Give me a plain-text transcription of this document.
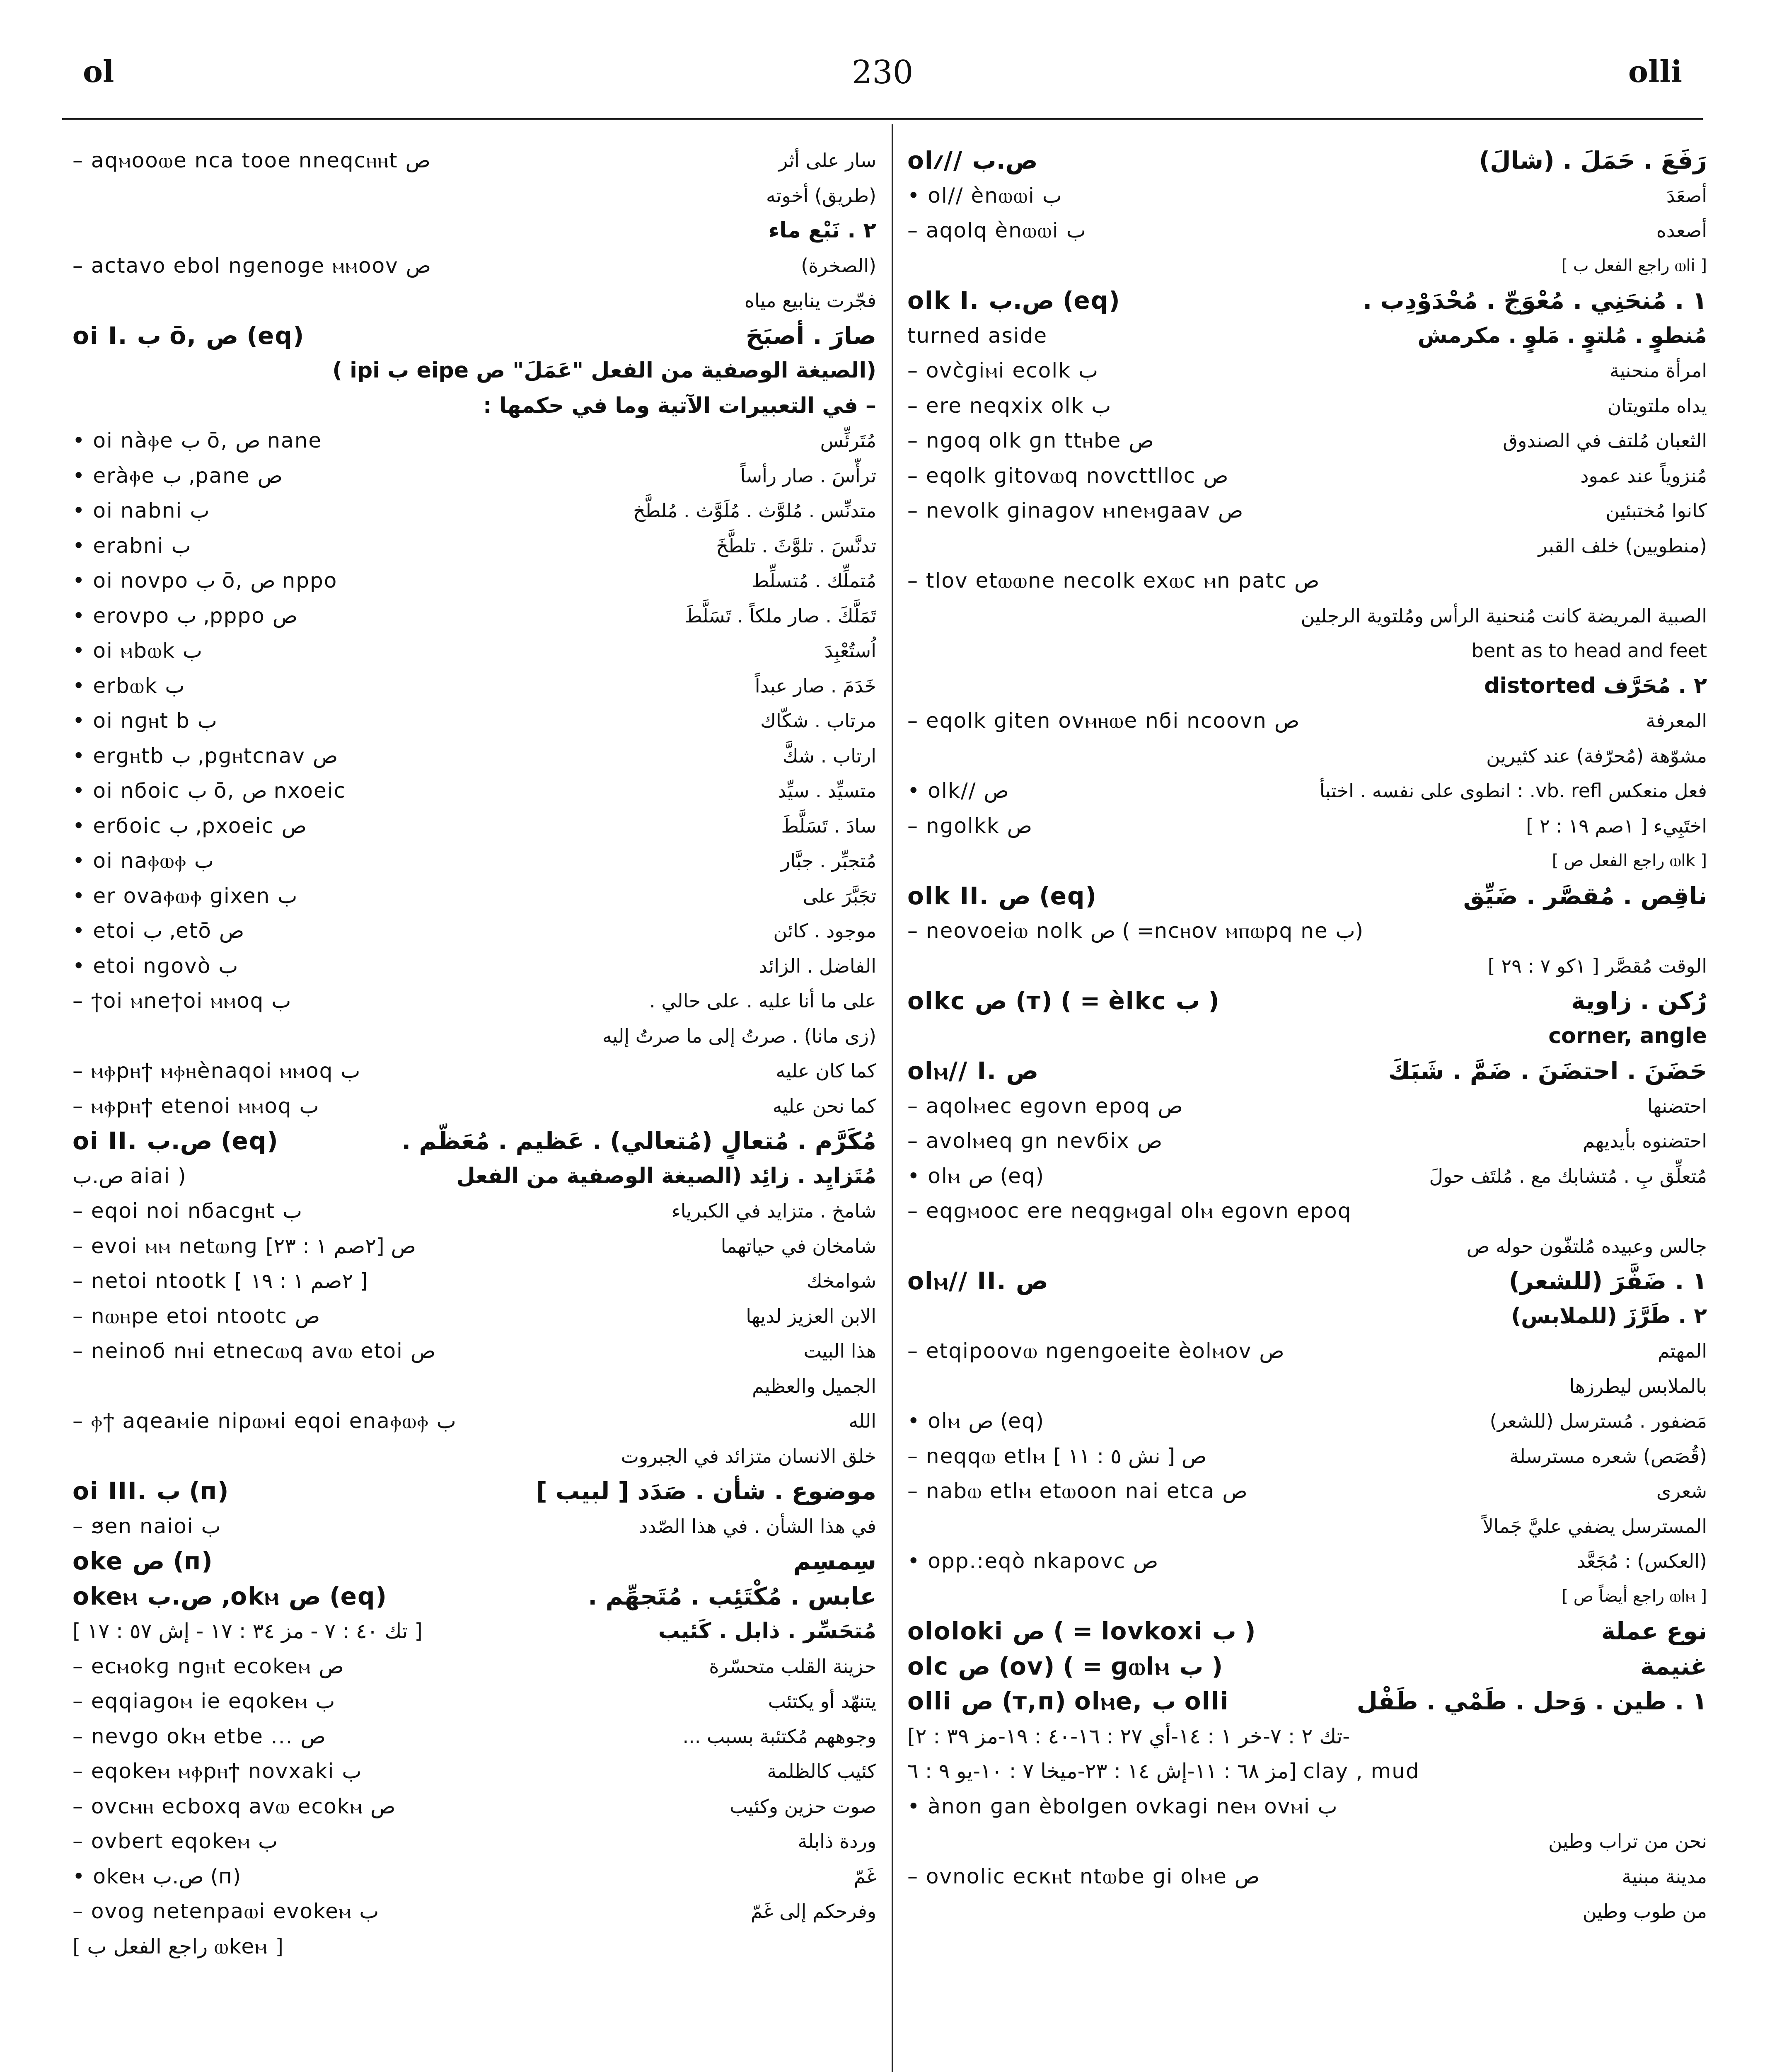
ol	230	olli
olⳇ// ص.ب	رَفَعَ . حَمَلَ . (شالَ)
• ol// ènⲱⲱi ب	أصعَدَ
– aqolq ènⲱⲱi ب	أصعده
[ راجع الفعل ب ⲱli ]
olk I. ص.ب (eq)	١ . مُنحَنِي . مُعْوَجّ . مُحْدَوْدِب .
turned aside	مُنطوٍ . مُلتوٍ . مَلوٍ . مكرمش
– ovc̀ɡiⲙi ecolk ب	امرأة منحنية
– ere neqxix olk ب	يداه ملتويتان
– nɡoq olk ɡn ttⲏbe ص	الثعبان مُلتف في الصندوق
– eqolk ɡitovⲱq novcttllос ص	مُنزوياً عند عمود
– nevolk ɡinaɡov ⲙneⲙɡaav ص	كانوا مُختبئين
(منطويين) خلف القبر
– tlov etⲱⲱne necolk exⲱc ⲙn patc ص
الصبية المريضة كانت مُنحنية الرأس ومُلتوية الرجلين
bent as to head and feet
٢ . مُحَرَّف distorted
– eqolk ɡiten ovⲙⲏⲱe nϭi ncoovn ص	المعرفة
مشوّهة (مُحرّفة) عند كثيرين
• olk// ص	فعل منعكس vb. refl. : انطوى على نفسه . اختبأ
– nɡolkk ص	اختَبِيء [ ١صم ١٩ : ٢ ]
[ راجع الفعل ص ⲱlk ]
olk II. ص (eq)	ناقِص . مُقصَّر . ضَيِّق
– neovoeiⲱ nolk ص ( =ncⲏov ⲙⲡⲱpq ne ب)
الوقت مُقصَّر [ ١كو ٧ : ٢٩ ]
olkc ص (т) ( = èlkc ب )	رُكن . زاوية
corner, angle
olⲙ// I. ص	حَضَنَ . احتضَنَ . ضَمَّ . شَبَكَ
– aqolⲙec eɡovn epoq ص	احتضنها
– avolⲙeq ɡn nevϭix ص	احتضنوه بأيديهم
• olⲙ ص (eq)	مُتعلِّق بِ . مُتشابك مع . مُلتَف حولَ
– eqɡⲙooc ere neqɡⲙɡal olⲙ eɡovn epoq
جالس وعبيده مُلتفّون حوله ص
olⲙ// II. ص	١ . ضَفَّرَ (للشعر)
٢ . طَرَّزَ (للملابس)
– etqipoovⲱ nɡenɡoeite èolⲙov ص	المهتم
بالملابس ليطرزها
• olⲙ ص (eq)	مَضفور . مُسترسل (للشعر)
– neqqⲱ etlⲙ ص [ نش ٥ : ١١ ]	(قُصَص) شعره مسترسلة
– nabⲱ etlⲙ etⲱoon nai etca ص	شعرى
المسترسل يضفي عليَّ جَمالاً
• opp.:eqò nkapovc ص	(العكس) : مُجَعَّد
[ راجع أيضاً ص ⲱlⲙ ]
ololoki ص ( = lovkoxi ب )	نوع عملة
olc ص (ov) ( = ɡⲱlⲙ ب )	غنيمة
olli ص (т,п) olⲙe, ب olli	١ . طين . وَحل . طَمْي . طَفْل
[تك ٢ : ٧-خر ١ : ١٤-أي ٢٧ : ١٦-٤٠ : ١٩-مز ٣٩ : ٢-
مز ٦٨ : ١١-إش ١٤ : ٢٣-ميخا ٧ : ١٠-يو ٩ : ٦] clay , mud
• ànon ɡan èbolɡen ovkaɡi neⲙ ovⲙi ب
نحن من تراب وطين
– ovnolic ecкⲏt ntⲱbe ɡi olⲙe ص	مدينة مبنية
من طوب وطين
– aqⲙooⲱe nca tooe nneqcⲏⲏt ص	سار على أثر
(طريق) أخوته
٢ . نَبْع ماء
– actavo ebol nɡenoɡe ⲙⲙoov ص	(الصخرة)
فجّرت ينابيع مياه
oi I. ب ō, ص (eq)	صارَ . أصبَحَ
(الصيغة الوصفية من الفعل "عَمَلَ" ص eipe ب ipi )
– في التعبيرات الآتية وما في حكمها :
• oi nàⲫe ب ō, ص nane	مُتَرئِّس
• eràⲫe ب ,pane ص	ترأّسَ . صار رأساً
• oi nabni ب	متدنِّس . مُلوَّث . مُلَوَّث . مُلطَّخ
• erabni ب	تدنَّسَ . تلوَّثَ . تلطَّخَ
• oi novpo ب ō, ص nppo	مُتملِّك . مُتسلِّط
• erovpo ب ,pppo ص	تَمَلَّكَ . صار ملكاً . تَسَلَّطَ
• oi ⲙbⲱk ب	اُستُعْبِدَ
• erbⲱk ب	خَدَمَ . صار عبداً
• oi nɡⲏt b ب	مرتاب . شكّاك
• erɡⲏtb ب ,pɡⲏtcnav ص	ارتاب . شكَّ
• oi nϭoic ب ō, ص nxoeic	متسيِّد . سيِّد
• erϭoic ب ,pxoeic ص	سادَ . تَسَلَّطَ
• oi naⲫⲱⲫ ب	مُتجبِّر . جبَّار
• er ovaⲫⲱⲫ ɡixen ب	تجَبَّرَ على
• etoi ب ,etō ص	موجود . كائن
• etoi nɡovò ب	الفاضل . الزائد
– ϯoi ⲙneϯoi ⲙⲙoq ب	على ما أنا عليه . على حالي .
(زى مانا) . صرتُ إلى ما صرتُ إليه
– ⲙⲫpⲏϯ ⲙⲫⲏènaqoi ⲙⲙoq ب	كما كان عليه
– ⲙⲫpⲏϯ etenoi ⲙⲙoq ب	كما نحن عليه
oi II. ص.ب (eq)	مُكَرَّم . مُتعالٍ (مُتعالي) . عَظيم . مُعَظَّم .
ص.ب aiai )	مُتَزايِد . زائِد (الصيغة الوصفية من الفعل
– eqoi noi nϭacɡⲏt ب	شامخ . متزايد في الكبرياء
– evoi ⲙⲙ netⲱnɡ ص [٢صم ١ : ٢٣]	شامخان في حياتهما
– netoi ntootk [ ٢صم ١ : ١٩ ]	شوامخك
– nⲱⲏpe etoi ntootc ص	الابن العزيز لديها
– neinoϭ nⲏi etnecⲱq avⲱ etoi ص	هذا البيت
الجميل والعظيم
– ⲫϯ aqeaⲙie nipⲱⲙi eqoi enaⲫⲱⲫ ب	الله
خلق الانسان متزائد في الجبروت
oi III. ب (п)	موضوع . شأن . صَدَد [ لبيب ]
– ϧen naioi ب	في هذا الشأن . في هذا الصّدد
oke ص (п)	سِمسِم
okeⲙ ص.ب ,okⲙ ص (eq)	عابس . مُكْتَئِب . مُتَجهِّم .
[ تك ٤٠ : ٧ - مز ٣٤ : ١٧ - إش ٥٧ : ١٧ ]	مُتحَسِّر . ذابل . كَئيب
– ecⲙokɡ nɡⲏt ecokeⲙ ص	حزينة القلب متحسّرة
– eqqiaɡoⲙ ie eqokeⲙ ب	يتنهّد أو يكتئب
– nevɡo okⲙ etbe ... ص	وجوههم مُكتئبة بسبب ...
– eqokeⲙ ⲙⲫpⲏϯ novxaki ب	كئيب كالظلمة
– ovcⲙⲏ ecboxq avⲱ ecokⲙ ص	صوت حزين وكئيب
– ovbert eqokeⲙ ب	وردة ذابلة
• okeⲙ ص.ب (п)	غَمّ
– ovoɡ netenpaⲱi evokeⲙ ب	وفرحكم إلى غَمّ
[ راجع الفعل ب ⲱkeⲙ ]
